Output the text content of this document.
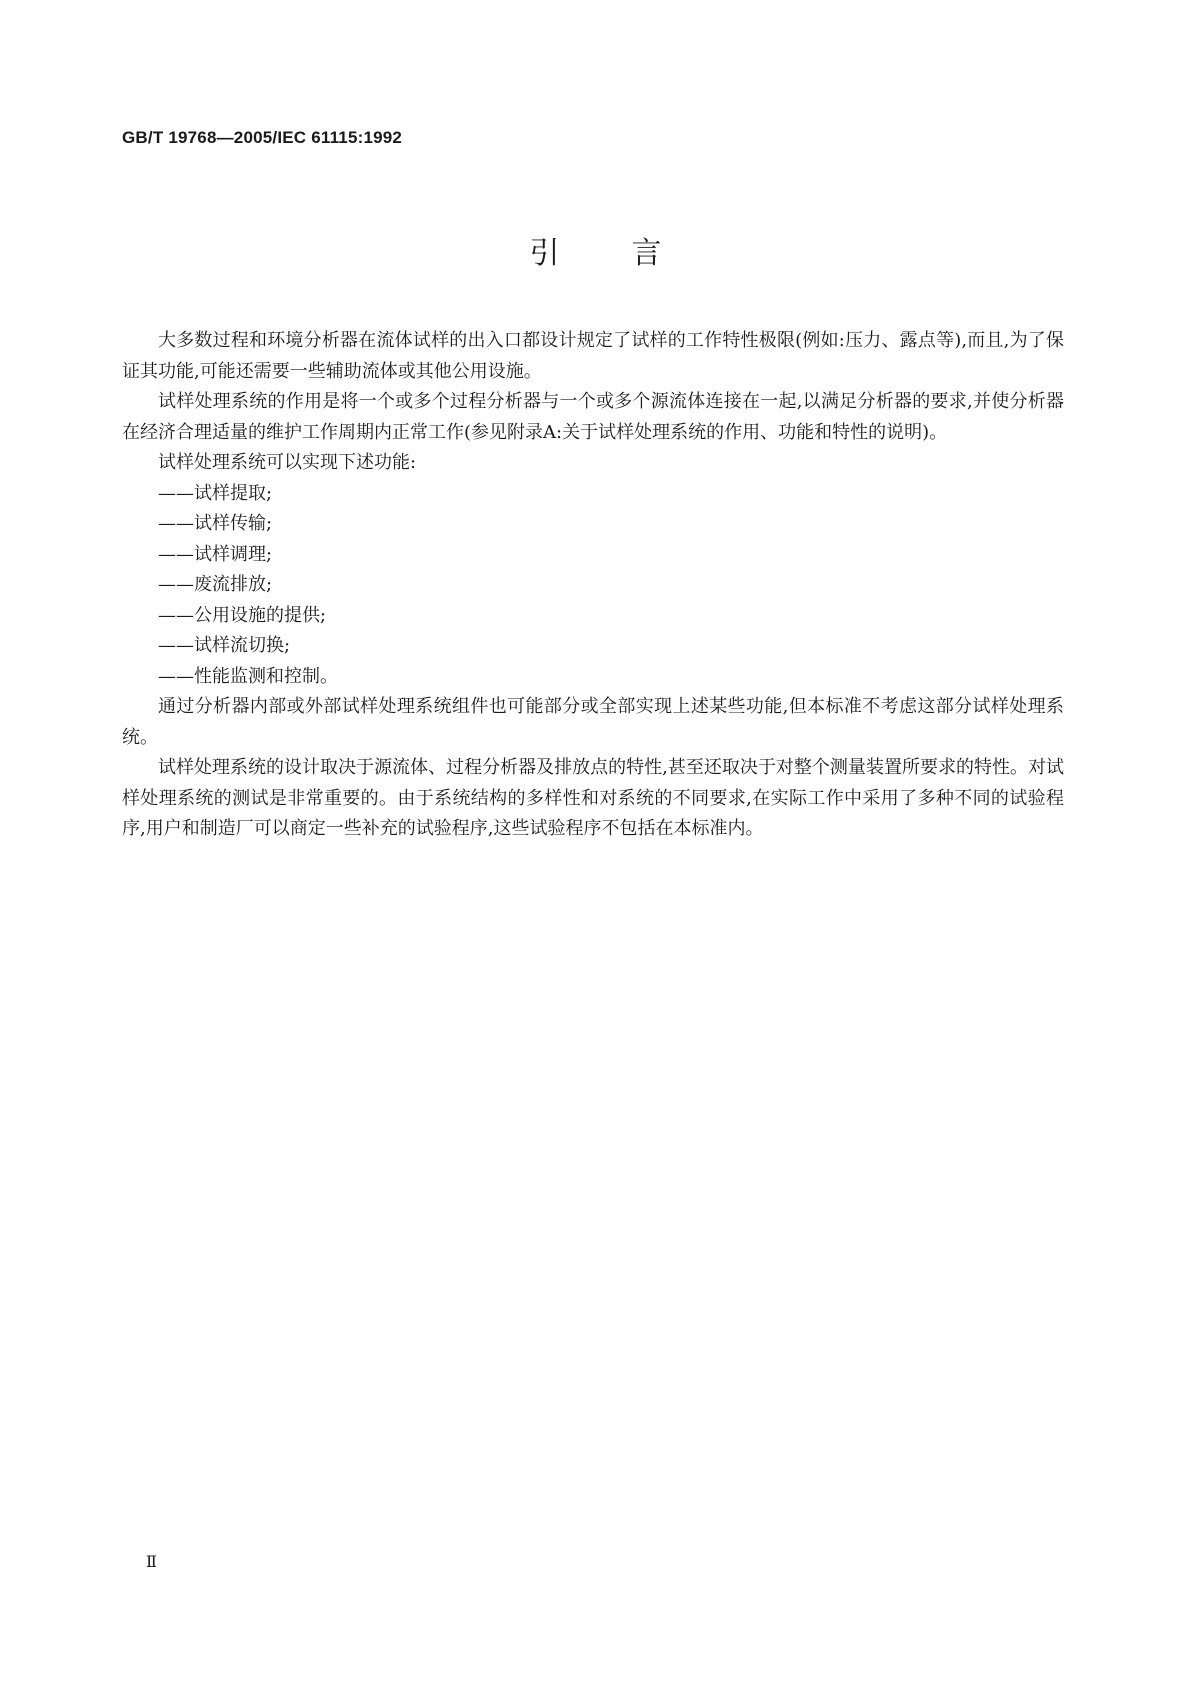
GB/T 19768—2005/IEC 61115:1992
引 言

大多数过程和环境分析器在流体试样的出入口都设计规定了试样的工作特性极限(例如:压力、露点等),而且,为了保证其功能,可能还需要一些辅助流体或其他公用设施。

试样处理系统的作用是将一个或多个过程分析器与一个或多个源流体连接在一起,以满足分析器的要求,并使分析器在经济合理适量的维护工作周期内正常工作(参见附录A:关于试样处理系统的作用、功能和特性的说明)。

试样处理系统可以实现下述功能:

——试样提取;

——试样传输;

——试样调理;

——废流排放;

——公用设施的提供;

——试样流切换;

——性能监测和控制。

通过分析器内部或外部试样处理系统组件也可能部分或全部实现上述某些功能,但本标准不考虑这部分试样处理系统。

试样处理系统的设计取决于源流体、过程分析器及排放点的特性,甚至还取决于对整个测量装置所要求的特性。对试样处理系统的测试是非常重要的。由于系统结构的多样性和对系统的不同要求,在实际工作中采用了多种不同的试验程序,用户和制造厂可以商定一些补充的试验程序,这些试验程序不包括在本标准内。

Ⅱ
